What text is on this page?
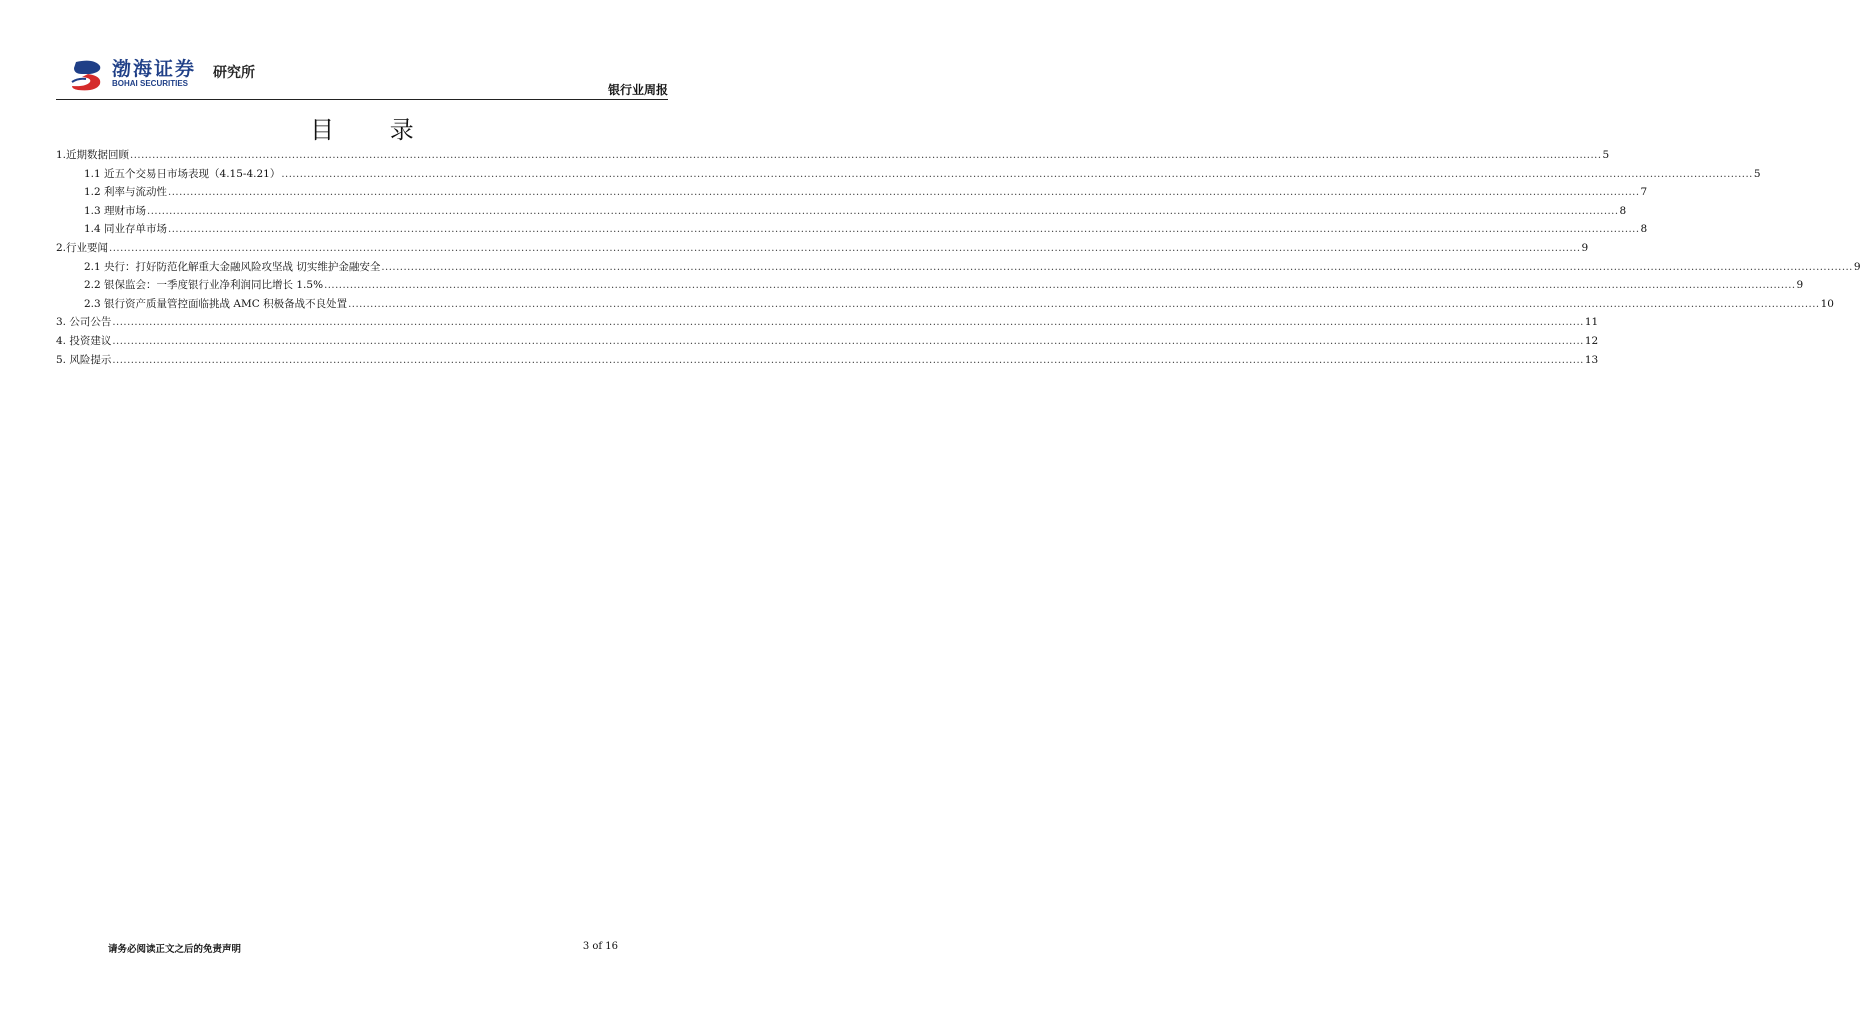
渤海证券
BOHAI SECURITIES
研究所
银行业周报
目 录
1.近期数据回顾 ................................................................................................................................................................................................................................................................................................................................................................................................................ 5
1.1 近五个交易日市场表现（4.15-4.21） ................................................................................................................................................................................................................................................................................................................................................................................................................ 5
1.2 利率与流动性 ................................................................................................................................................................................................................................................................................................................................................................................................................ 7
1.3 理财市场 ................................................................................................................................................................................................................................................................................................................................................................................................................ 8
1.4 同业存单市场 ................................................................................................................................................................................................................................................................................................................................................................................................................ 8
2.行业要闻 ................................................................................................................................................................................................................................................................................................................................................................................................................ 9
2.1 央行：打好防范化解重大金融风险攻坚战 切实维护金融安全 ................................................................................................................................................................................................................................................................................................................................................................................................................ 9
2.2 银保监会：一季度银行业净利润同比增长 1.5% ................................................................................................................................................................................................................................................................................................................................................................................................................ 9
2.3 银行资产质量管控面临挑战 AMC 积极备战不良处置 ................................................................................................................................................................................................................................................................................................................................................................................................................ 10
3. 公司公告 ................................................................................................................................................................................................................................................................................................................................................................................................................ 11
4. 投资建议 ................................................................................................................................................................................................................................................................................................................................................................................................................ 12
5. 风险提示 ................................................................................................................................................................................................................................................................................................................................................................................................................ 13
请务必阅读正文之后的免责声明	3 of 16
